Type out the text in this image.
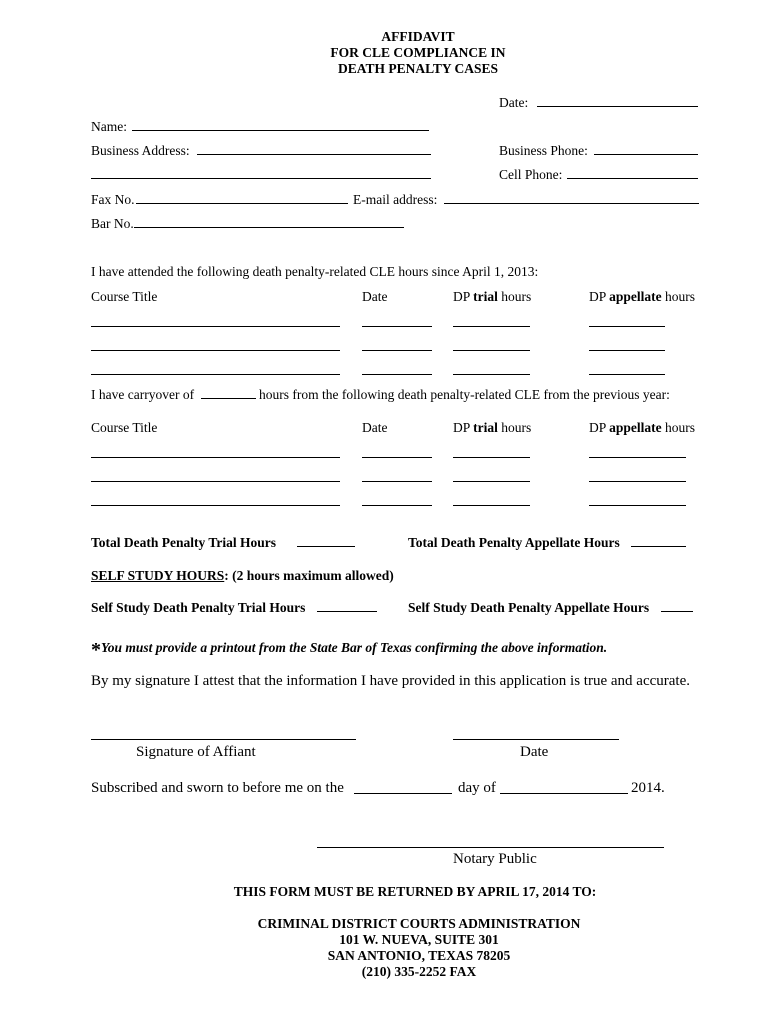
AFFIDAVIT
FOR CLE COMPLIANCE IN
DEATH PENALTY CASES
Date:
Name:
Business Address:	Business Phone:
Cell Phone:
Fax No.	E-mail address:
Bar No.
I have attended the following death penalty-related CLE hours since April 1, 2013:
Course Title	Date	DP trial hours	DP appellate hours
I have carryover of	hours from the following death penalty-related CLE from the previous year:
Course Title	Date	DP trial hours	DP appellate hours
Total Death Penalty Trial Hours	Total Death Penalty Appellate Hours
SELF STUDY HOURS: (2 hours maximum allowed)
Self Study Death Penalty Trial Hours	Self Study Death Penalty Appellate Hours
*You must provide a printout from the State Bar of Texas confirming the above information.
By my signature I attest that the information I have provided in this application is true and accurate.
Signature of Affiant	Date
Subscribed and sworn to before me on the	day of	2014.
Notary Public
THIS FORM MUST BE RETURNED BY APRIL 17, 2014 TO:
CRIMINAL DISTRICT COURTS ADMINISTRATION
101 W. NUEVA, SUITE 301
SAN ANTONIO, TEXAS 78205
(210) 335-2252 FAX
